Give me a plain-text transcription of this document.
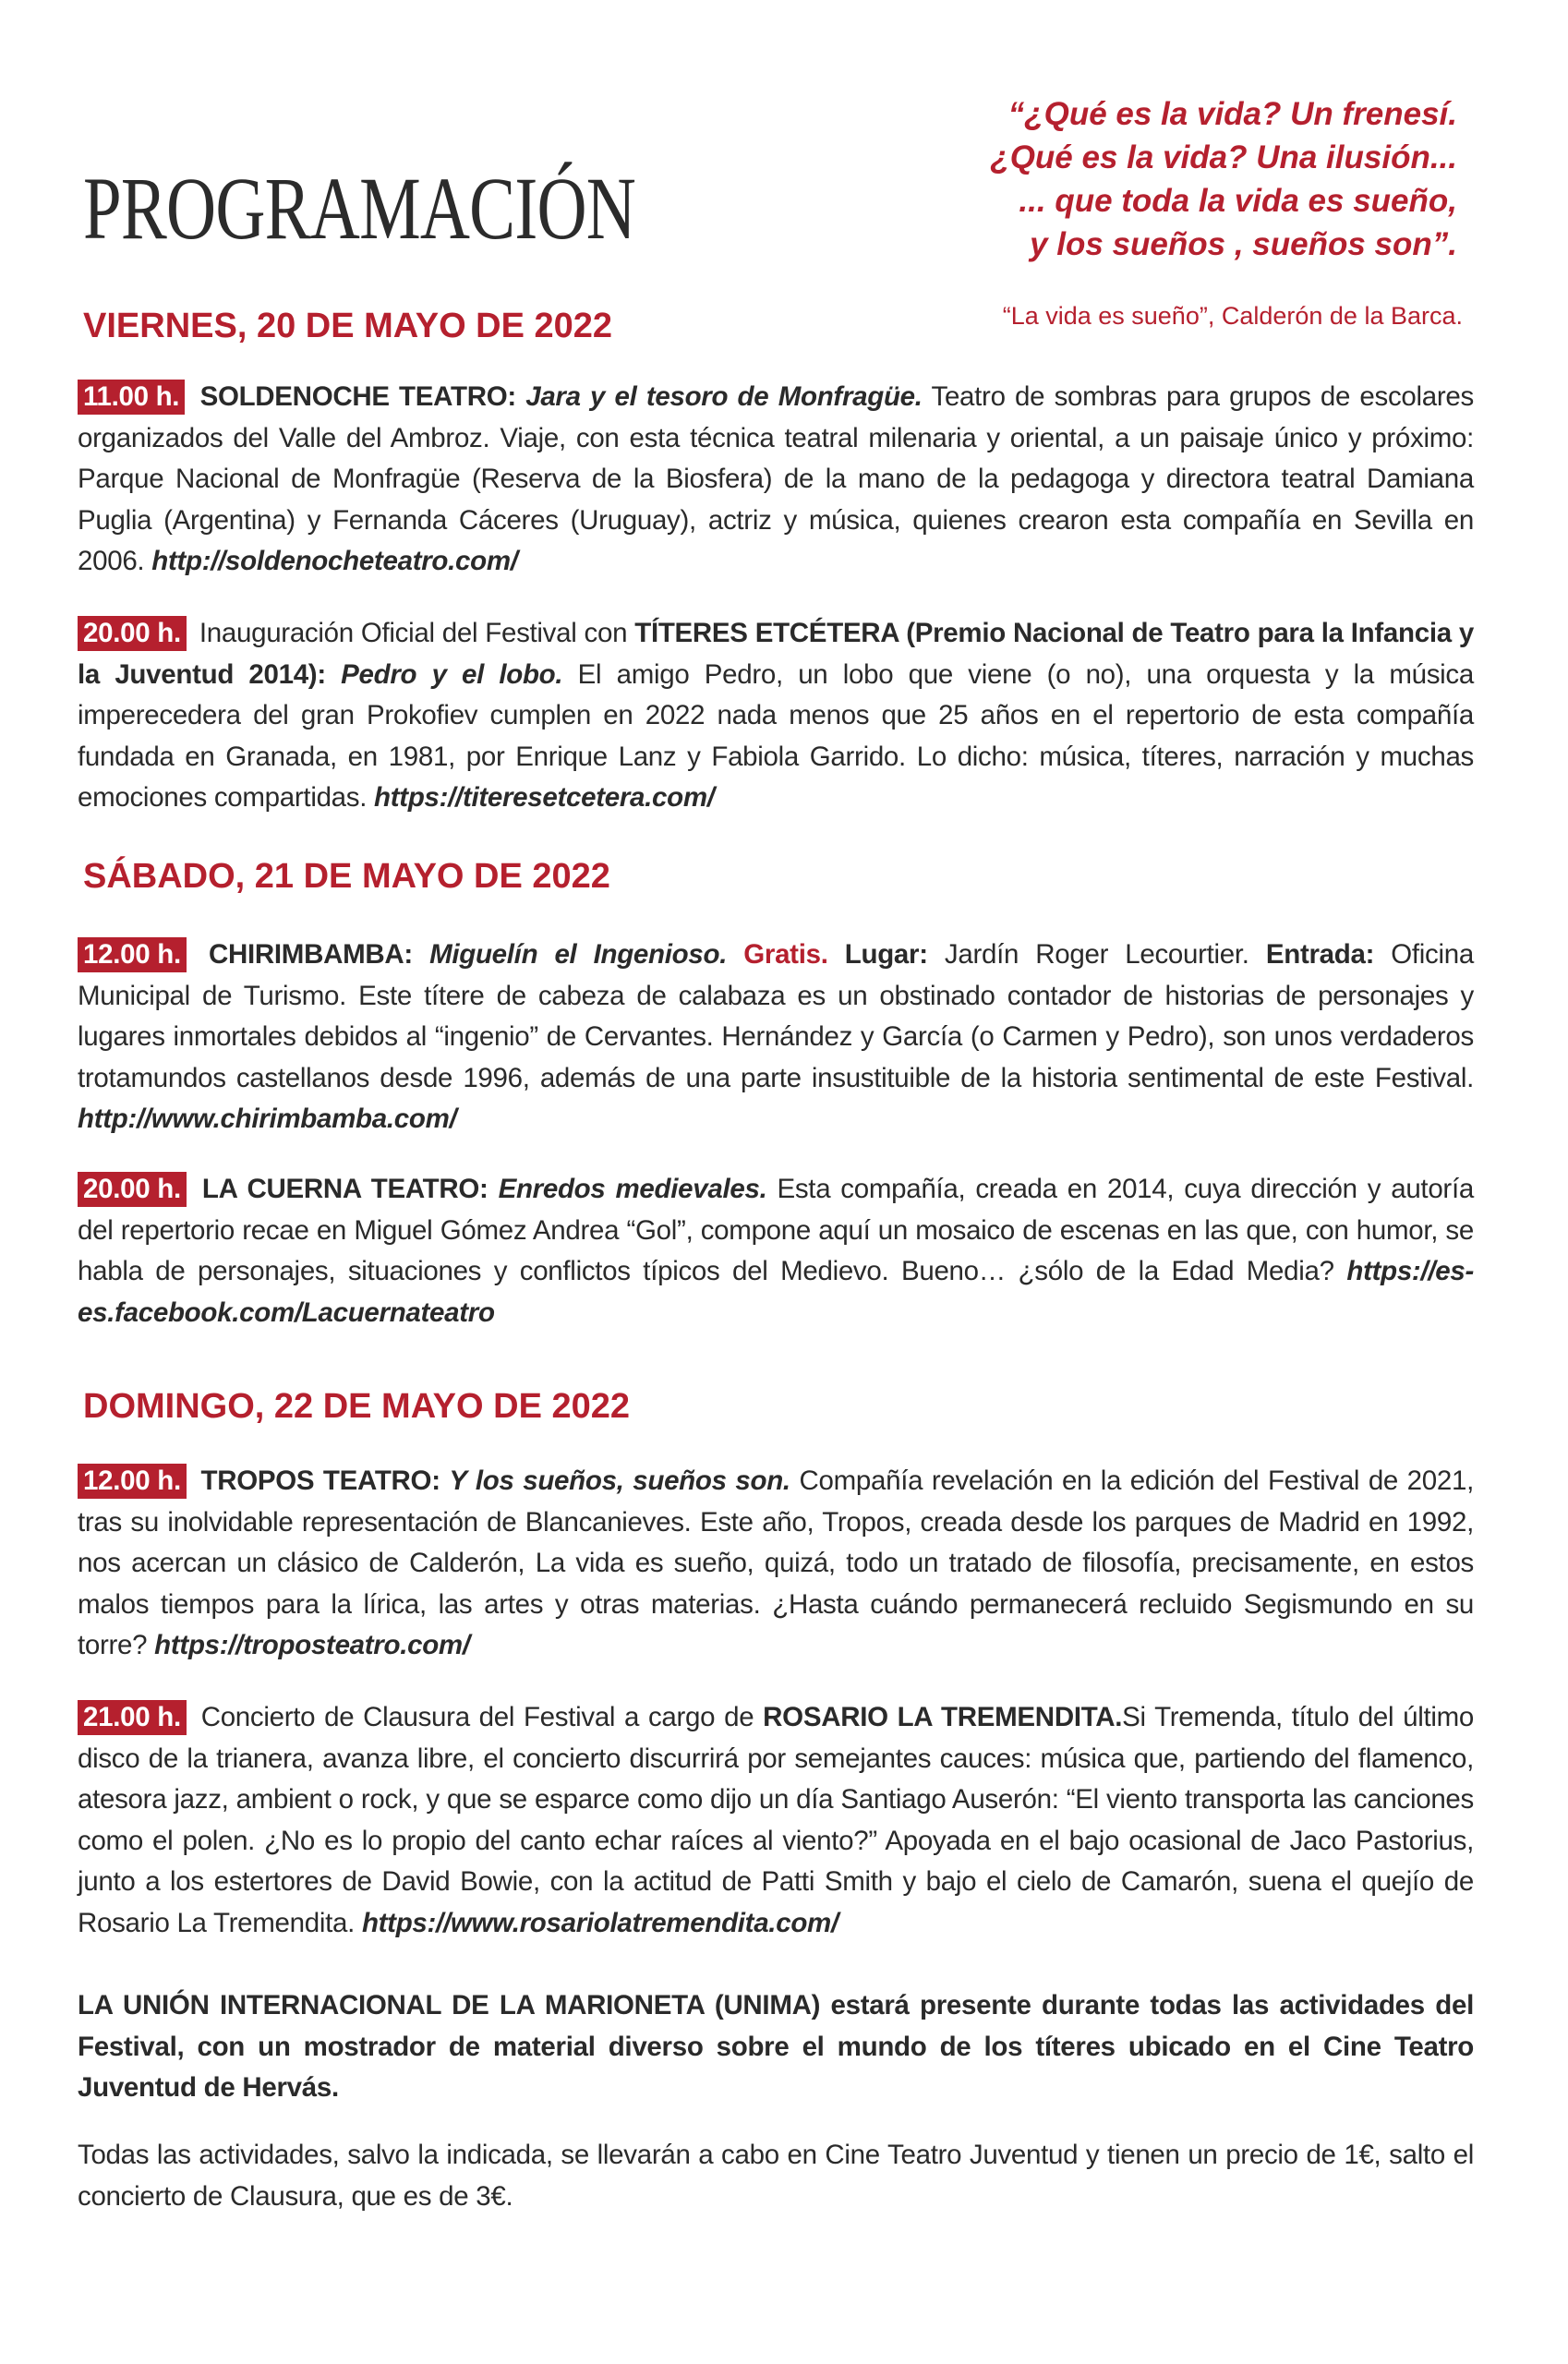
PROGRAMACIÓN
“¿Qué es la vida? Un frenesí.
¿Qué es la vida? Una ilusión...
... que toda la vida es sueño,
y los sueños , sueños son”.
“La vida es sueño”, Calderón de la Barca.
VIERNES, 20 DE MAYO DE 2022
11.00 h. SOLDENOCHE TEATRO: Jara y el tesoro de Monfragüe. Teatro de sombras para grupos de escolares organizados del Valle del Ambroz. Viaje, con esta técnica teatral milenaria y oriental, a un paisaje único y próximo: Parque Nacional de Monfragüe (Reserva de la Biosfera) de la mano de la pedagoga y directora teatral Damiana Puglia (Argentina) y Fernanda Cáceres (Uruguay), actriz y música, quienes crearon esta compañía en Sevilla en 2006. http://soldenocheteatro.com/
20.00 h. Inauguración Oficial del Festival con TÍTERES ETCÉTERA (Premio Nacional de Teatro para la Infancia y la Juventud 2014): Pedro y el lobo. El amigo Pedro, un lobo que viene (o no), una orquesta y la música imperecedera del gran Prokofiev cumplen en 2022 nada menos que 25 años en el repertorio de esta compañía fundada en Granada, en 1981, por Enrique Lanz y Fabiola Garrido. Lo dicho: música, títeres, narración y muchas emociones compartidas. https://titeresetcetera.com/
SÁBADO, 21 DE MAYO DE 2022
12.00 h. CHIRIMBAMBA: Miguelín el Ingenioso. Gratis. Lugar: Jardín Roger Lecourtier. Entrada: Oficina Municipal de Turismo. Este títere de cabeza de calabaza es un obstinado contador de historias de personajes y lugares inmortales debidos al “ingenio” de Cervantes. Hernández y García (o Carmen y Pedro), son unos verdaderos trotamundos castellanos desde 1996, además de una parte insustituible de la historia sentimental de este Festival. http://www.chirimbamba.com/
20.00 h. LA CUERNA TEATRO: Enredos medievales. Esta compañía, creada en 2014, cuya dirección y autoría del repertorio recae en Miguel Gómez Andrea “Gol”, compone aquí un mosaico de escenas en las que, con humor, se habla de personajes, situaciones y conflictos típicos del Medievo. Bueno… ¿sólo de la Edad Media? https://es-es.facebook.com/Lacuernateatro
DOMINGO, 22 DE MAYO DE 2022
12.00 h. TROPOS TEATRO: Y los sueños, sueños son. Compañía revelación en la edición del Festival de 2021, tras su inolvidable representación de Blancanieves. Este año, Tropos, creada desde los parques de Madrid en 1992, nos acercan un clásico de Calderón, La vida es sueño, quizá, todo un tratado de filosofía, precisamente, en estos malos tiempos para la lírica, las artes y otras materias. ¿Hasta cuándo permanecerá recluido Segismundo en su torre? https://troposteatro.com/
21.00 h. Concierto de Clausura del Festival a cargo de ROSARIO LA TREMENDITA.Si Tremenda, título del último disco de la trianera, avanza libre, el concierto discurrirá por semejantes cauces: música que, partiendo del flamenco, atesora jazz, ambient o rock, y que se esparce como dijo un día Santiago Auserón: “El viento transporta las canciones como el polen. ¿No es lo propio del canto echar raíces al viento?” Apoyada en el bajo ocasional de Jaco Pastorius, junto a los estertores de David Bowie, con la actitud de Patti Smith y bajo el cielo de Camarón, suena el quejío de Rosario La Tremendita. https://www.rosariolatremendita.com/
LA UNIÓN INTERNACIONAL DE LA MARIONETA (UNIMA) estará presente durante todas las actividades del Festival, con un mostrador de material diverso sobre el mundo de los títeres ubicado en el Cine Teatro Juventud de Hervás.
Todas las actividades, salvo la indicada, se llevarán a cabo en Cine Teatro Juventud y tienen un precio de 1€, salto el concierto de Clausura, que es de 3€.
